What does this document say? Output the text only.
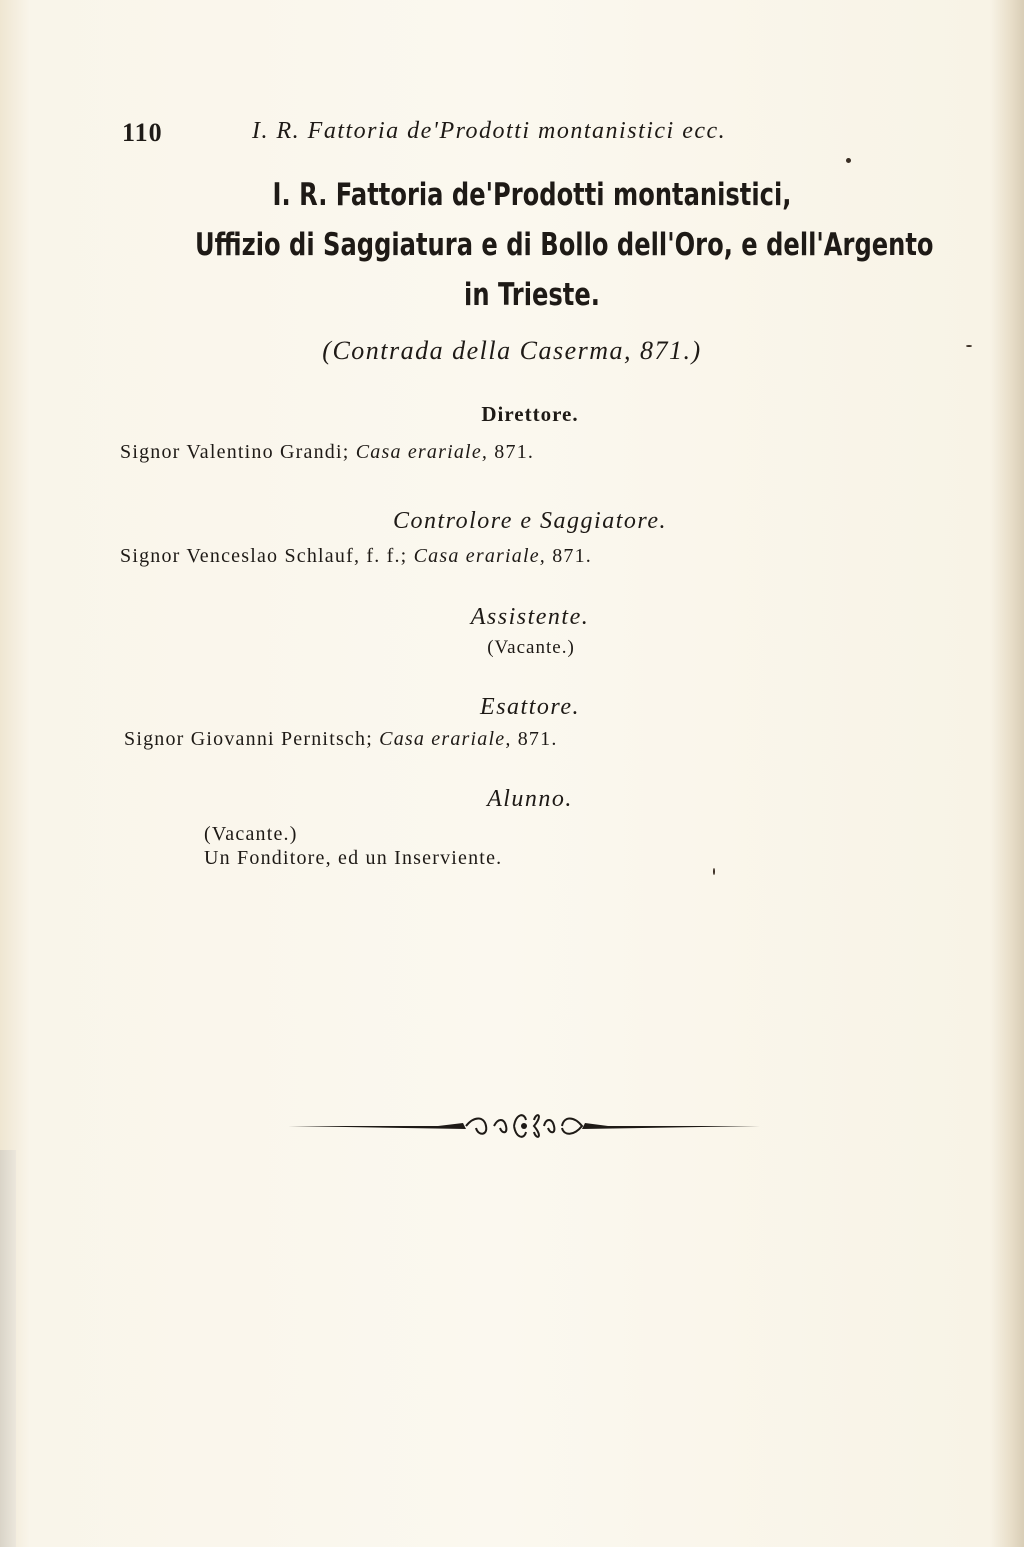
110	I. R. Fattoria de'Prodotti montanistici ecc.
I. R. Fattoria de'Prodotti montanistici,
Uffizio di Saggiatura e di Bollo dell'Oro, e dell'Argento
in Trieste.
(Contrada della Caserma, 871.)
Direttore.
Signor Valentino Grandi; Casa erariale, 871.
Controlore e Saggiatore.
Signor Venceslao Schlauf, f. f.; Casa erariale, 871.
Assistente.
(Vacante.)
Esattore.
Signor Giovanni Pernitsch; Casa erariale, 871.
Alunno.
(Vacante.)
Un Fonditore, ed un Inserviente.
